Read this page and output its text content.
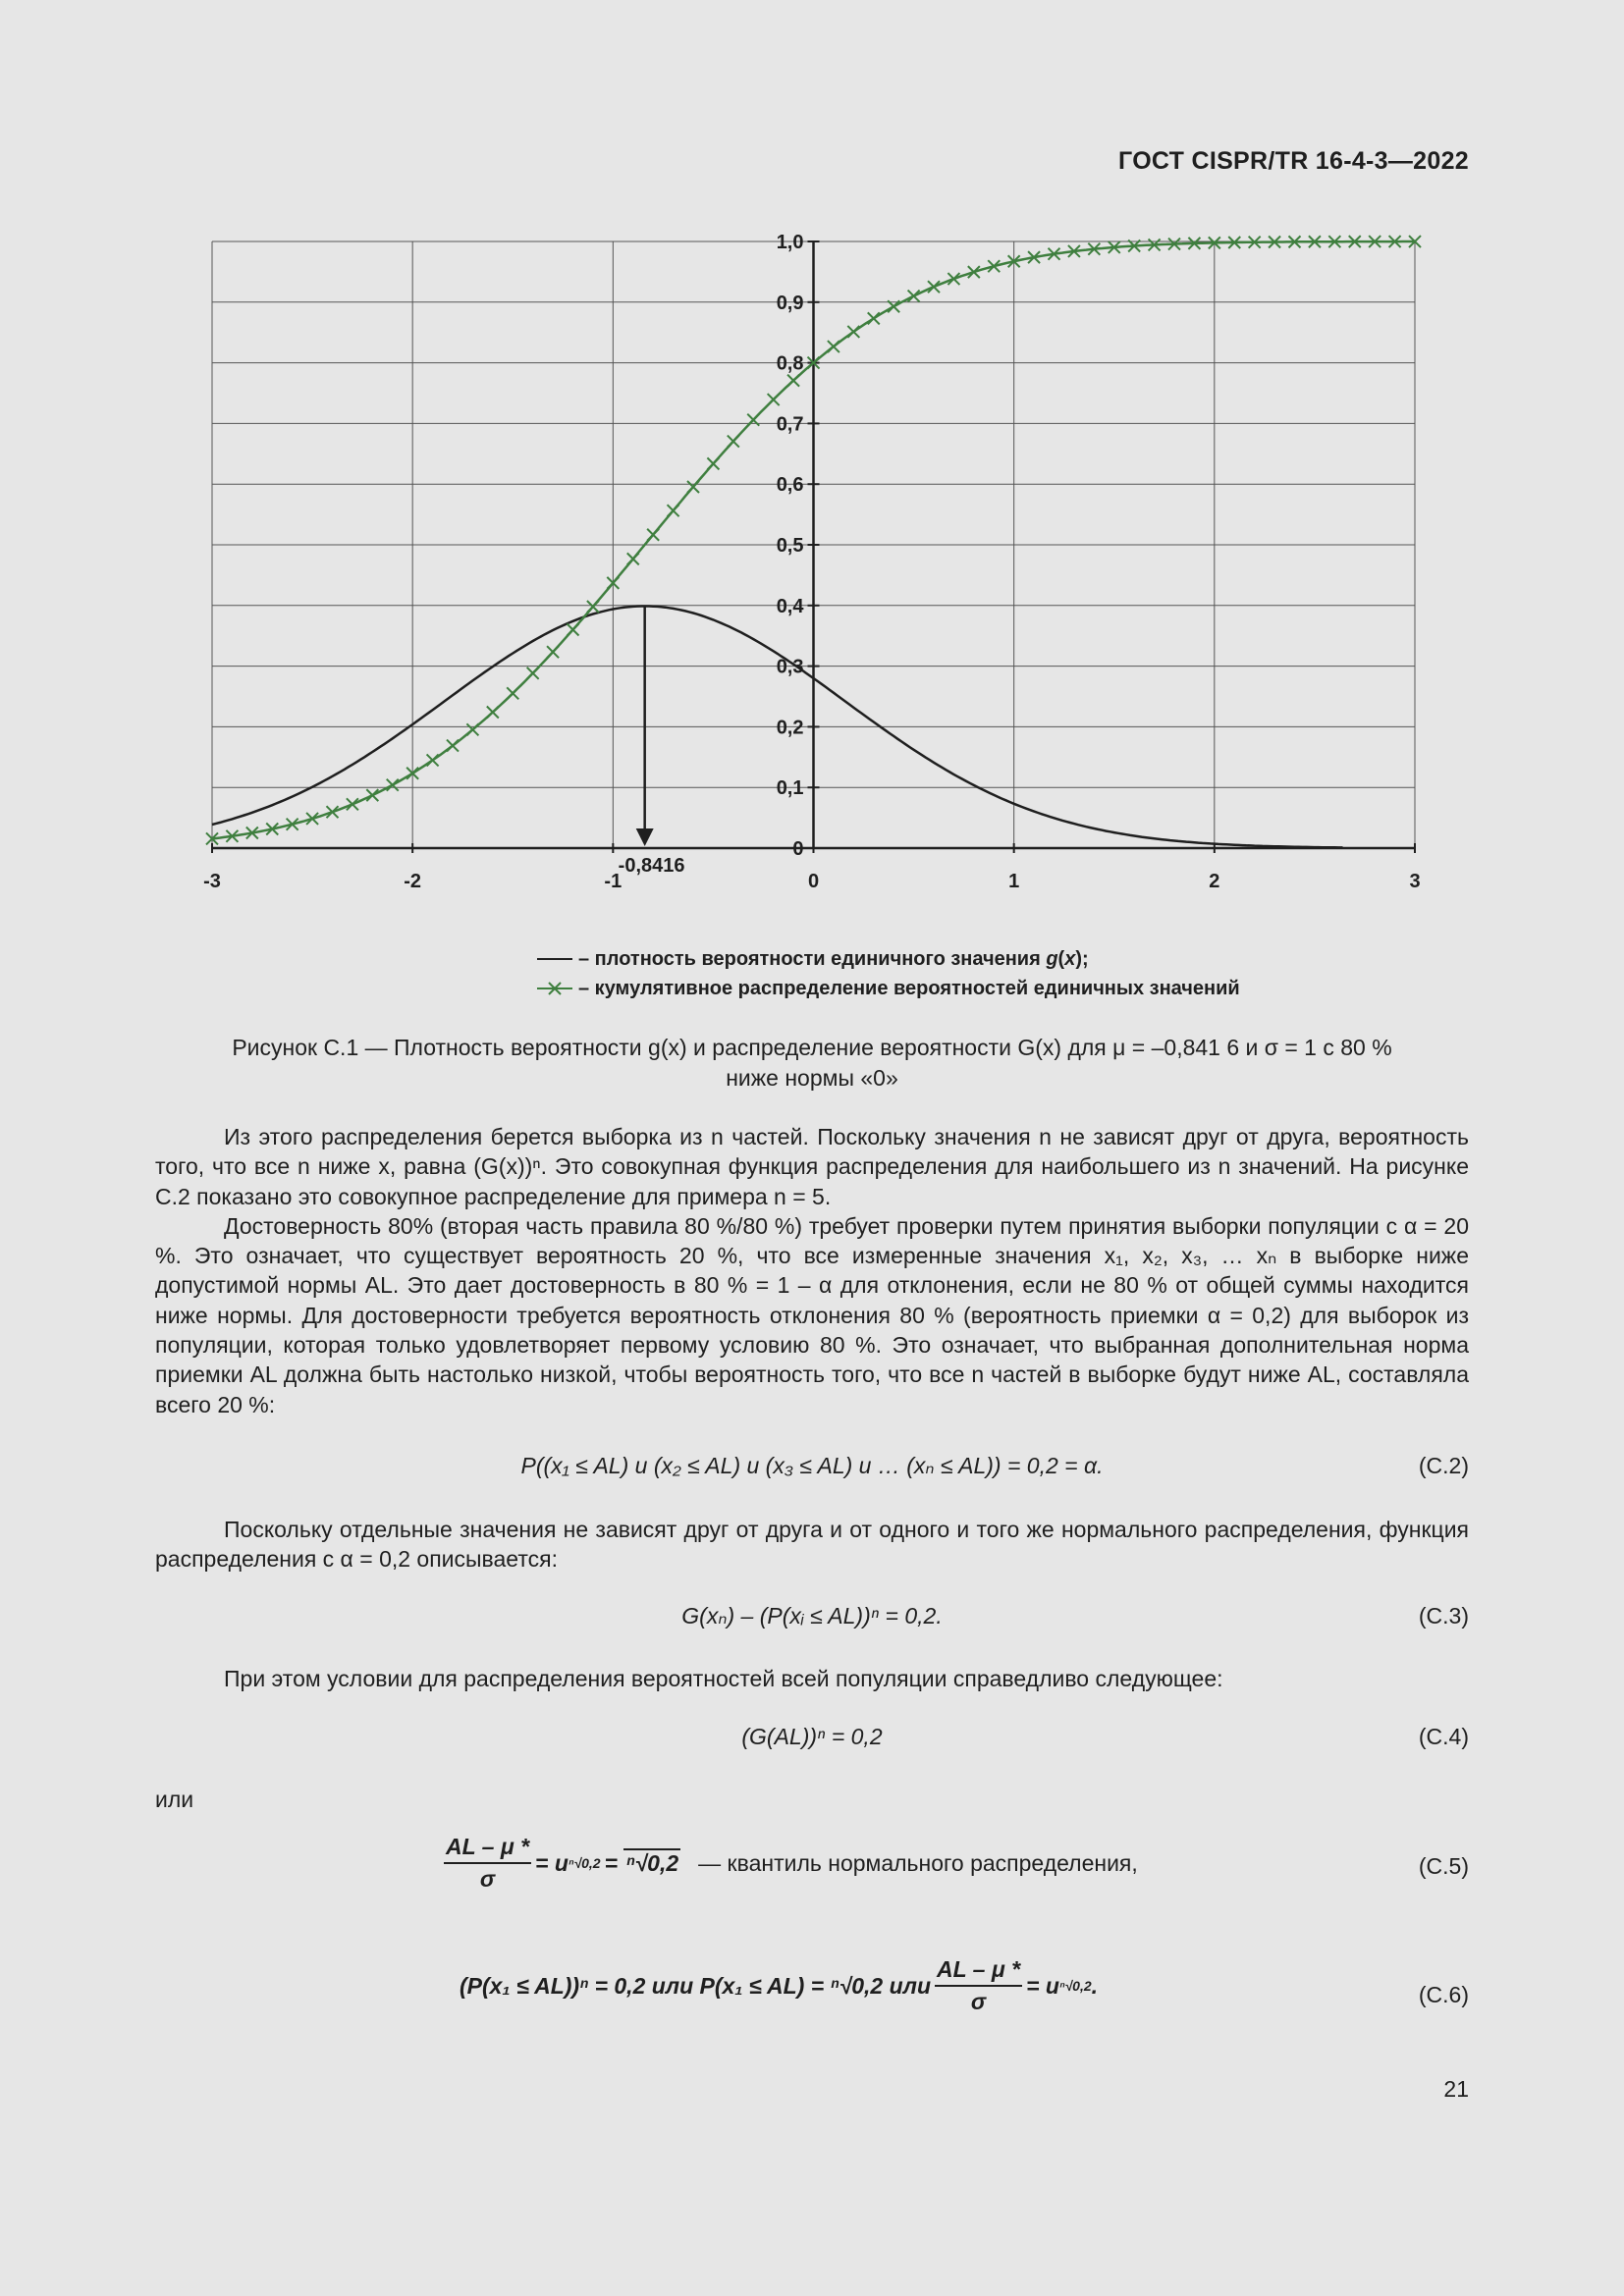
ГОСТ CISPR/TR 16-4-3—2022
-3	-2	-1	0	1	2	3
0
0,1
0,2
0,3
0,4
0,5
0,6
0,7
0,8
0,9
1,0
-0,8416
– плотность вероятности единичного значения g(x);
– кумулятивное распределение вероятностей единичных значений
Рисунок С.1 — Плотность вероятности g(x) и распределение вероятности G(x) для μ = –0,841 6 и σ = 1 с 80 %
ниже нормы «0»

Из этого распределения берется выборка из n частей. Поскольку значения n не зависят друг от друга, вероятность того, что все n ниже x, равна (G(x))ⁿ. Это совокупная функция распределения для наибольшего из n значений. На рисунке С.2 показано это совокупное распределение для примера n = 5.

Достоверность 80% (вторая часть правила 80 %/80 %) требует проверки путем принятия выборки популяции с α = 20 %. Это означает, что существует вероятность 20 %, что все измеренные значения x₁, x₂, x₃, … xₙ в выборке ниже допустимой нормы AL. Это дает достоверность в 80 % = 1 – α для отклонения, если не 80 % от общей суммы находится ниже нормы. Для достоверности требуется вероятность отклонения 80 % (вероятность приемки α = 0,2) для выборок из популяции, которая только удовлетворяет первому условию 80 %. Это означает, что выбранная дополнительная норма приемки AL должна быть настолько низкой, чтобы вероятность того, что все n частей в выборке будут ниже AL, составляла всего 20 %:

P((x₁ ≤ AL) и (x₂ ≤ AL) и (x₃ ≤ AL) и … (xₙ ≤ AL)) = 0,2 = α.	(С.2)

Поскольку отдельные значения не зависят друг от друга и от одного и того же нормального распределения, функция распределения с α = 0,2 описывается:

G(xₙ) – (P(xᵢ ≤ AL))ⁿ = 0,2.	(С.3)

При этом условии для распределения вероятностей всей популяции справедливо следующее:

(G(AL))ⁿ = 0,2	(С.4)
или
$\frac{AL - \mu *}{\sigma} = u$ ⁿ√0,2 = ⁿ√0,2 — квантиль нормального распределения,	(С.5)
(P(x₁ ≤ AL))ⁿ = 0,2 или P(x₁ ≤ AL) = ⁿ√0,2 или $\frac{AL - \mu *}{\sigma} = u$ ⁿ√0,2 .	(С.6)
21
